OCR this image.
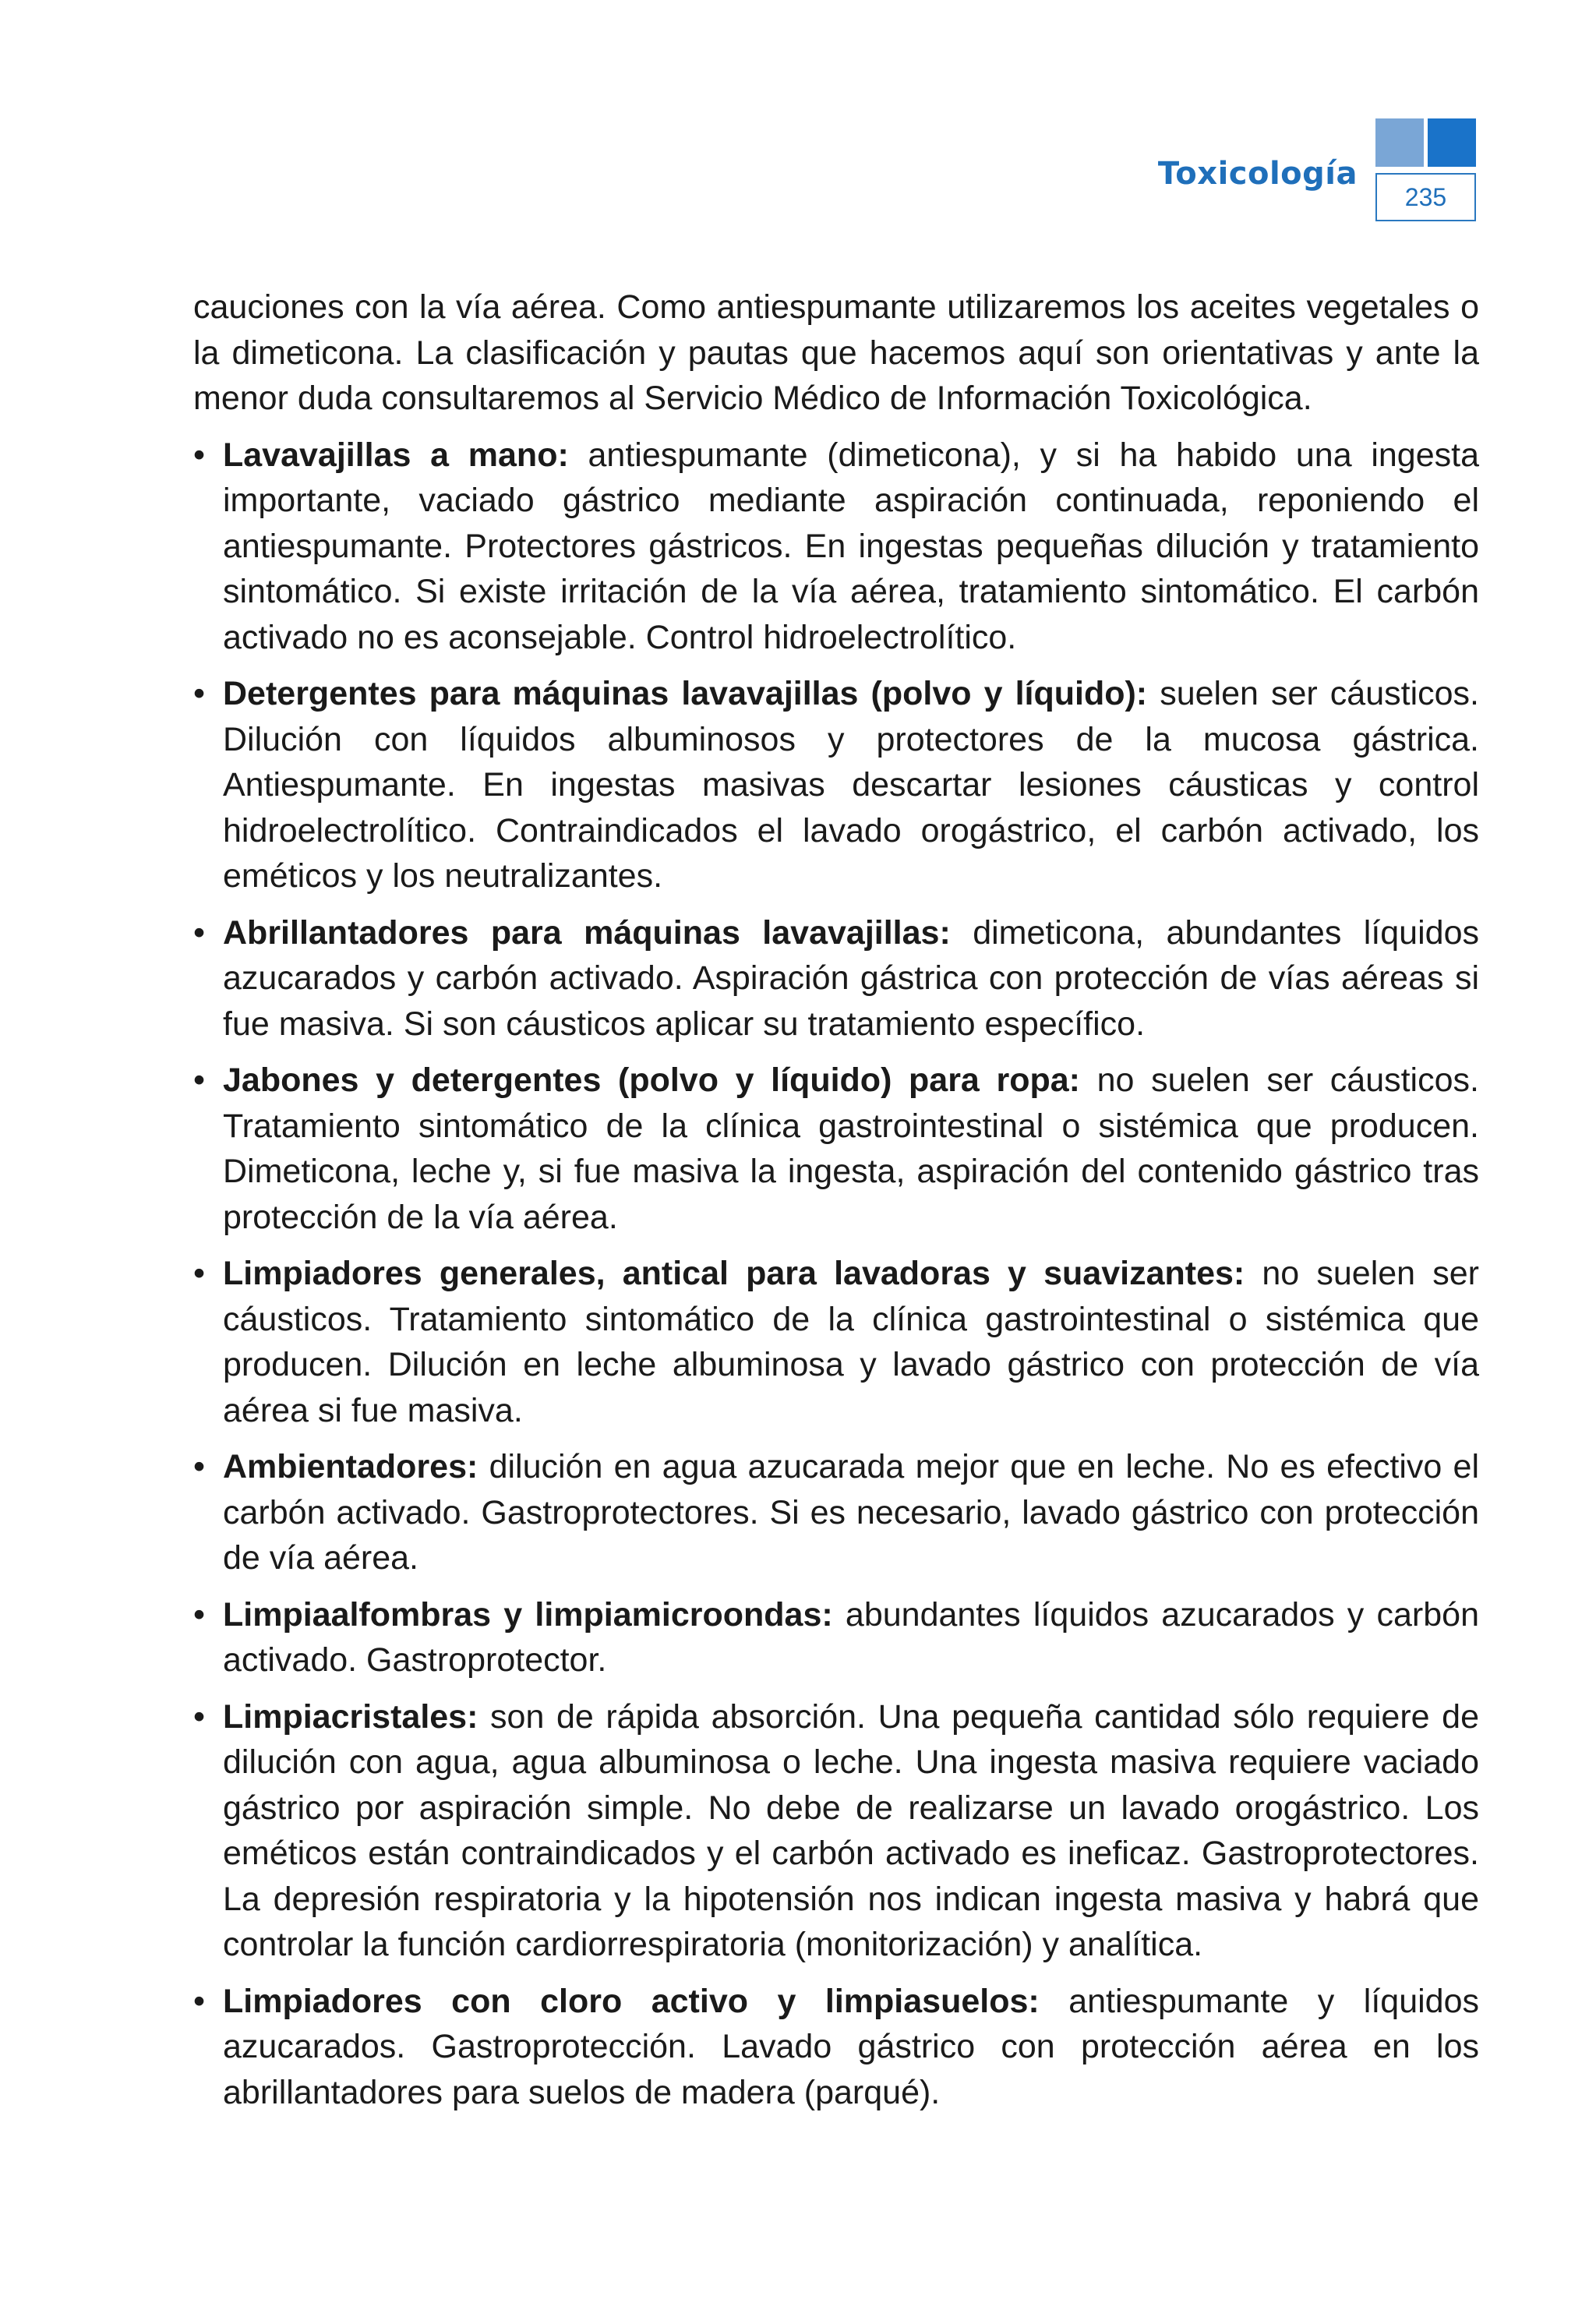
Toxicología
235

cauciones con la vía aérea. Como antiespumante utilizaremos los aceites vegetales o la dimeticona. La clasificación y pautas que hacemos aquí son orientativas y ante la menor duda consultaremos al Servicio Médico de Información Toxicológica.

• Lavavajillas a mano: antiespumante (dimeticona), y si ha habido una ingesta importante, vaciado gástrico mediante aspiración continuada, reponiendo el antiespumante. Protectores gástricos. En ingestas pequeñas dilución y tratamiento sintomático. Si existe irritación de la vía aérea, tratamiento sintomático. El carbón activado no es aconsejable. Control hidroelectrolítico.
• Detergentes para máquinas lavavajillas (polvo y líquido): suelen ser cáusticos. Dilución con líquidos albuminosos y protectores de la mucosa gástrica. Antiespumante. En ingestas masivas descartar lesiones cáusticas y control hidroelectrolítico. Contraindicados el lavado orogástrico, el carbón activado, los eméticos y los neutralizantes.
• Abrillantadores para máquinas lavavajillas: dimeticona, abundantes líquidos azucarados y carbón activado. Aspiración gástrica con protección de vías aéreas si fue masiva. Si son cáusticos aplicar su tratamiento específico.
• Jabones y detergentes (polvo y líquido) para ropa: no suelen ser cáusticos. Tratamiento sintomático de la clínica gastrointestinal o sistémica que producen. Dimeticona, leche y, si fue masiva la ingesta, aspiración del contenido gástrico tras protección de la vía aérea.
• Limpiadores generales, antical para lavadoras y suavizantes: no suelen ser cáusticos. Tratamiento sintomático de la clínica gastrointestinal o sistémica que producen. Dilución en leche albuminosa y lavado gástrico con protección de vía aérea si fue masiva.
• Ambientadores: dilución en agua azucarada mejor que en leche. No es efectivo el carbón activado. Gastroprotectores. Si es necesario, lavado gástrico con protección de vía aérea.
• Limpiaalfombras y limpiamicroondas: abundantes líquidos azucarados y carbón activado. Gastroprotector.
• Limpiacristales: son de rápida absorción. Una pequeña cantidad sólo requiere de dilución con agua, agua albuminosa o leche. Una ingesta masiva requiere vaciado gástrico por aspiración simple. No debe de realizarse un lavado orogástrico. Los eméticos están contraindicados y el carbón activado es ineficaz. Gastroprotectores. La depresión respiratoria y la hipotensión nos indican ingesta masiva y habrá que controlar la función cardiorrespiratoria (monitorización) y analítica.
• Limpiadores con cloro activo y limpiasuelos: antiespumante y líquidos azucarados. Gastroprotección. Lavado gástrico con protección aérea en los abrillantadores para suelos de madera (parqué).
